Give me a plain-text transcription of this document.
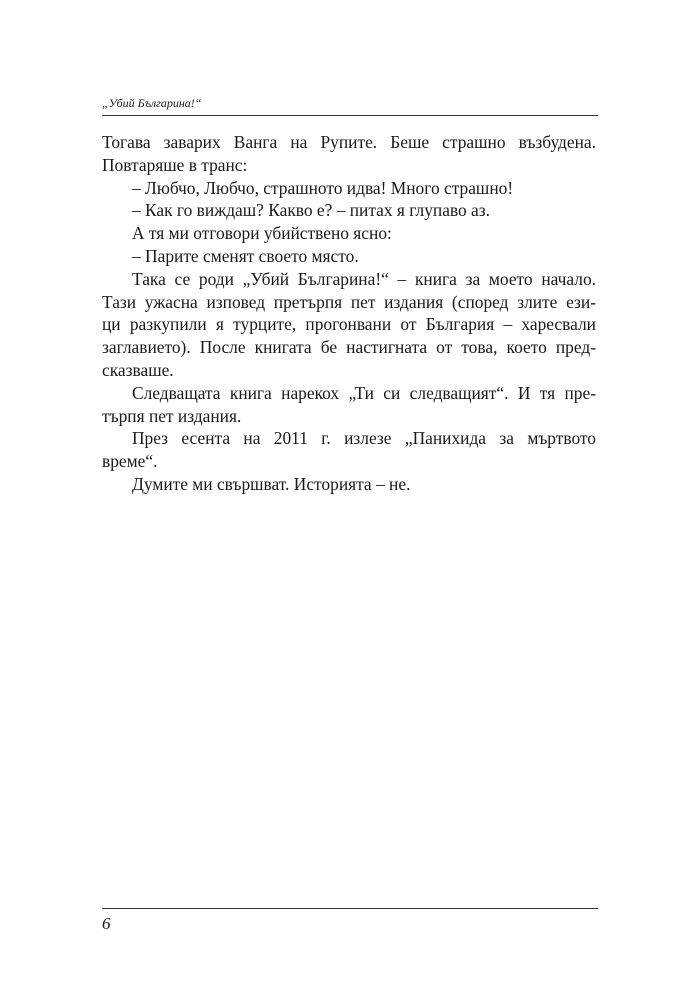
„Убий Българина!“
Тогава заварих Ванга на Рупите. Беше страшно възбудена.
Повтаряше в транс:
– Любчо, Любчо, страшното идва! Много страшно!
– Как го виждаш? Какво е? – питах я глупаво аз.
А тя ми отговори убийствено ясно:
– Парите сменят своето място.
Така се роди „Убий Българина!“ – книга за моето начало.
Тази ужасна изповед претърпя пет издания (според злите ези-
ци разкупили я турците, прогонвани от България – харесвали
заглавието). После книгата бе настигната от това, което пред-
сказваше.
Следващата книга нарекох „Ти си следващият“. И тя пре-
търпя пет издания.
През есента на 2011 г. излезе „Панихида за мъртвото
време“.
Думите ми свършват. Историята – не.
6
